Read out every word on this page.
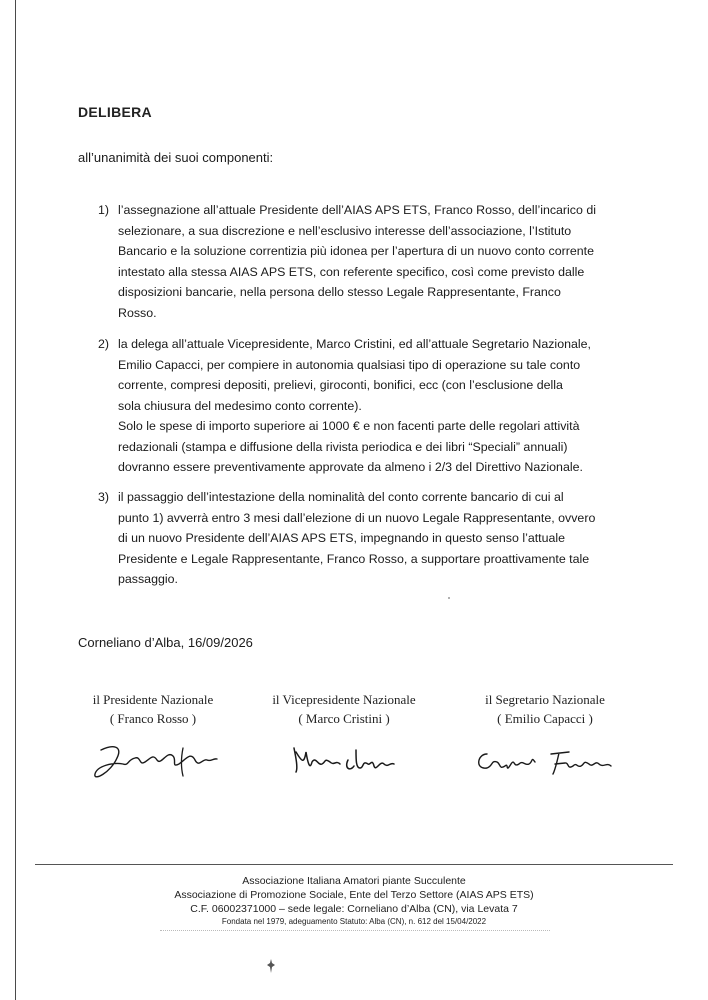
DELIBERA
all’unanimità dei suoi componenti:
1) l’assegnazione all’attuale Presidente dell’AIAS APS ETS, Franco Rosso, dell’incarico di
selezionare, a sua discrezione e nell’esclusivo interesse dell’associazione, l’Istituto
Bancario e la soluzione correntizia più idonea per l’apertura di un nuovo conto corrente
intestato alla stessa AIAS APS ETS, con referente specifico, così come previsto dalle
disposizioni bancarie, nella persona dello stesso Legale Rappresentante, Franco
Rosso.

2) la delega all’attuale Vicepresidente, Marco Cristini, ed all’attuale Segretario Nazionale,
Emilio Capacci, per compiere in autonomia qualsiasi tipo di operazione su tale conto
corrente, compresi depositi, prelievi, giroconti, bonifici, ecc (con l’esclusione della
sola chiusura del medesimo conto corrente).

Solo le spese di importo superiore ai 1000 € e non facenti parte delle regolari attività
redazionali (stampa e diffusione della rivista periodica e dei libri “Speciali” annuali)
dovranno essere preventivamente approvate da almeno i 2/3 del Direttivo Nazionale.

3) il passaggio dell’intestazione della nominalità del conto corrente bancario di cui al
punto 1) avverrà entro 3 mesi dall’elezione di un nuovo Legale Rappresentante, ovvero
di un nuovo Presidente dell’AIAS APS ETS, impegnando in questo senso l’attuale
Presidente e Legale Rappresentante, Franco Rosso, a supportare proattivamente tale
passaggio.

Corneliano d’Alba, 16/09/2026
il Presidente Nazionale
( Franco Rosso )
il Vicepresidente Nazionale
( Marco Cristini )
il Segretario Nazionale
( Emilio Capacci )
Associazione Italiana Amatori piante Succulente
Associazione di Promozione Sociale, Ente del Terzo Settore (AIAS APS ETS)
C.F. 06002371000 – sede legale: Corneliano d’Alba (CN), via Levata 7
Fondata nel 1979, adeguamento Statuto: Alba (CN), n. 612 del 15/04/2022
